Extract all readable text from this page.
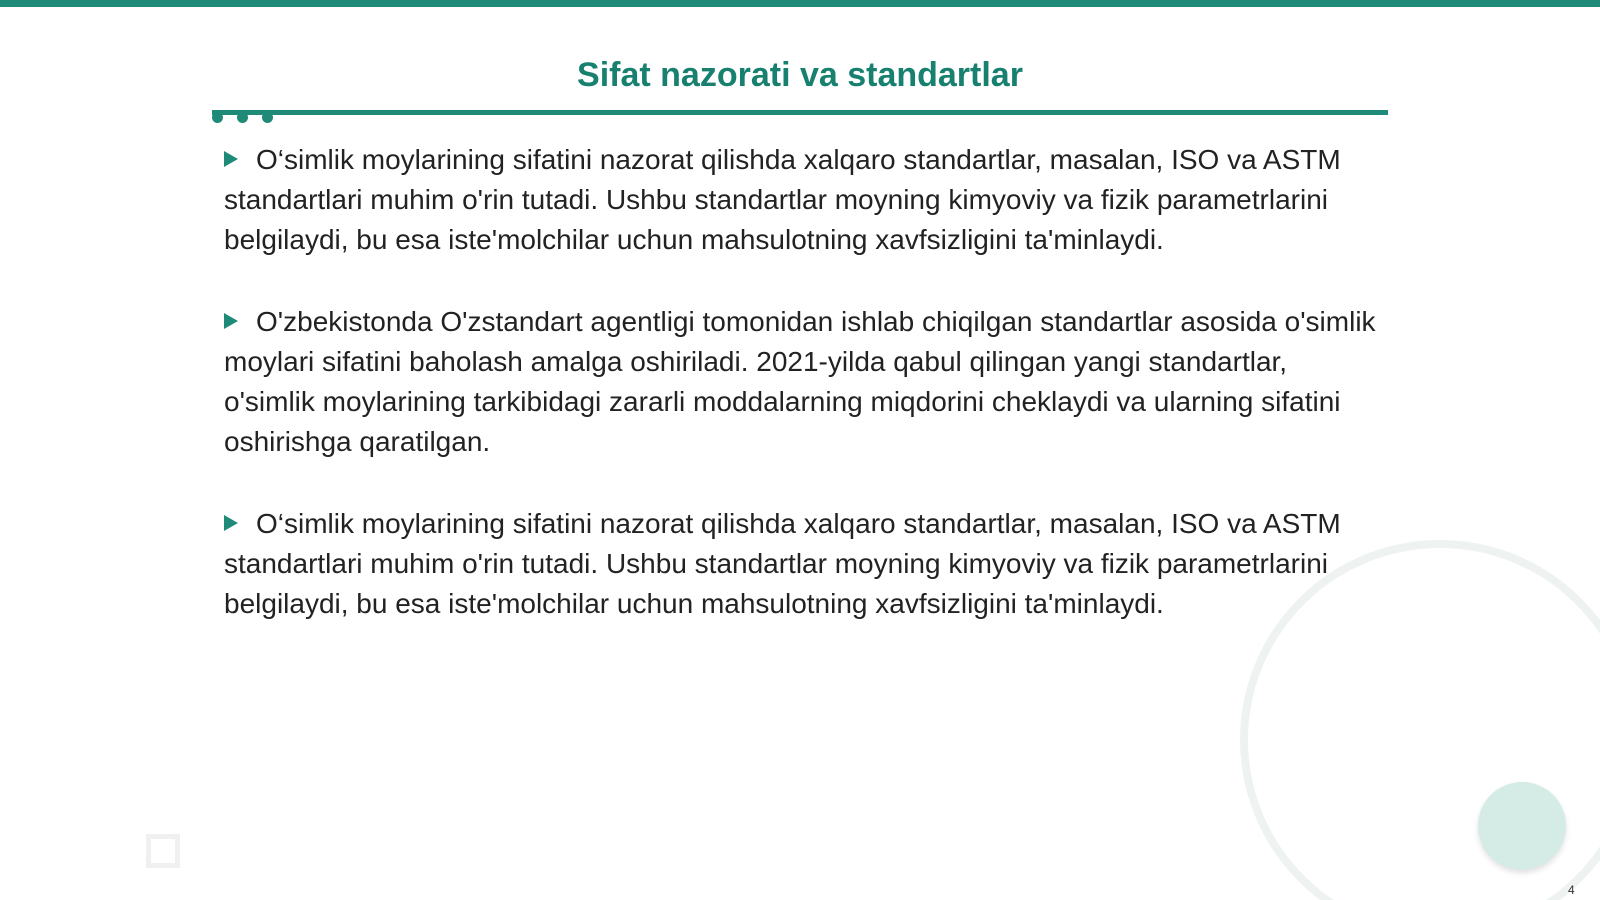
Sifat nazorati va standartlar

O‘simlik moylarining sifatini nazorat qilishda xalqaro standartlar, masalan, ISO va ASTM standartlari muhim o'rin tutadi. Ushbu standartlar moyning kimyoviy va fizik parametrlarini belgilaydi, bu esa iste'molchilar uchun mahsulotning xavfsizligini ta'minlaydi.

O'zbekistonda O'zstandart agentligi tomonidan ishlab chiqilgan standartlar asosida o'simlik moylari sifatini baholash amalga oshiriladi. 2021-yilda qabul qilingan yangi standartlar, o'simlik moylarining tarkibidagi zararli moddalarning miqdorini cheklaydi va ularning sifatini oshirishga qaratilgan.

O‘simlik moylarining sifatini nazorat qilishda xalqaro standartlar, masalan, ISO va ASTM standartlari muhim o'rin tutadi. Ushbu standartlar moyning kimyoviy va fizik parametrlarini belgilaydi, bu esa iste'molchilar uchun mahsulotning xavfsizligini ta'minlaydi.

4
